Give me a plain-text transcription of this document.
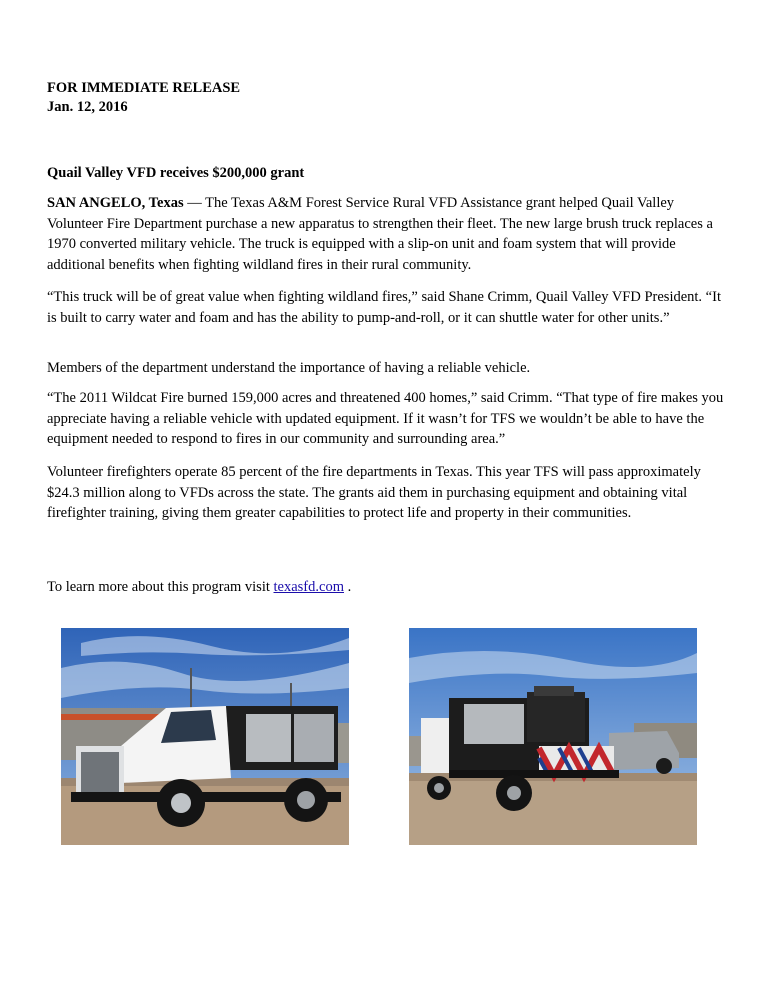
FOR IMMEDIATE RELEASE
Jan. 12, 2016
Quail Valley VFD receives $200,000 grant

SAN ANGELO, Texas — The Texas A&M Forest Service Rural VFD Assistance grant helped Quail Valley Volunteer Fire Department purchase a new apparatus to strengthen their fleet. The new large brush truck replaces a 1970 converted military vehicle. The truck is equipped with a slip-on unit and foam system that will provide additional benefits when fighting wildland fires in their rural community.

“This truck will be of great value when fighting wildland fires,” said Shane Crimm, Quail Valley VFD President. “It is built to carry water and foam and has the ability to pump-and-roll, or it can shuttle water for other units.”

Members of the department understand the importance of having a reliable vehicle.

“The 2011 Wildcat Fire burned 159,000 acres and threatened 400 homes,” said Crimm. “That type of fire makes you appreciate having a reliable vehicle with updated equipment. If it wasn’t for TFS we wouldn’t be able to have the equipment needed to respond to fires in our community and surrounding area.”

Volunteer firefighters operate 85 percent of the fire departments in Texas. This year TFS will pass approximately $24.3 million along to VFDs across the state. The grants aid them in purchasing equipment and obtaining vital firefighter training, giving them greater capabilities to protect life and property in their communities.

To learn more about this program visit texasfd.com .
